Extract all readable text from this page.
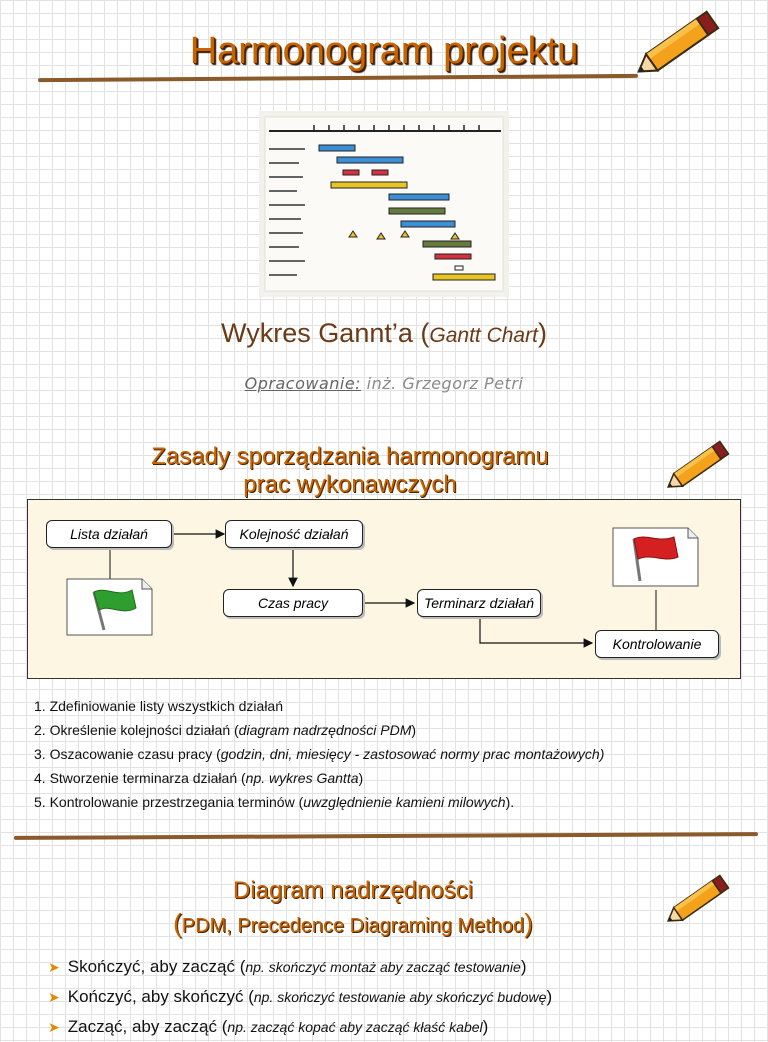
Harmonogram projektu
Wykres Gannt’a (Gantt Chart)
Opracowanie: inż. Grzegorz Petri
Zasady sporządzania harmonogramu
prac wykonawczych
Lista działań	Kolejność działań
Czas pracy	Terminarz działań
Kontrolowanie
1. Zdefiniowanie listy wszystkich działań
2. Określenie kolejności działań (diagram nadrzędności PDM)
3. Oszacowanie czasu pracy (godzin, dni, miesięcy - zastosować normy prac montażowych)
4. Stworzenie terminarza działań (np. wykres Gantta)
5. Kontrolowanie przestrzegania terminów (uwzględnienie kamieni milowych).
Diagram nadrzędności
(PDM, Precedence Diagraming Method)
➤ Skończyć, aby zacząć (np. skończyć montaż aby zacząć testowanie)
➤ Kończyć, aby skończyć (np. skończyć testowanie aby skończyć budowę)
➤ Zacząć, aby zacząć (np. zacząć kopać aby zacząć kłaść kabel)
